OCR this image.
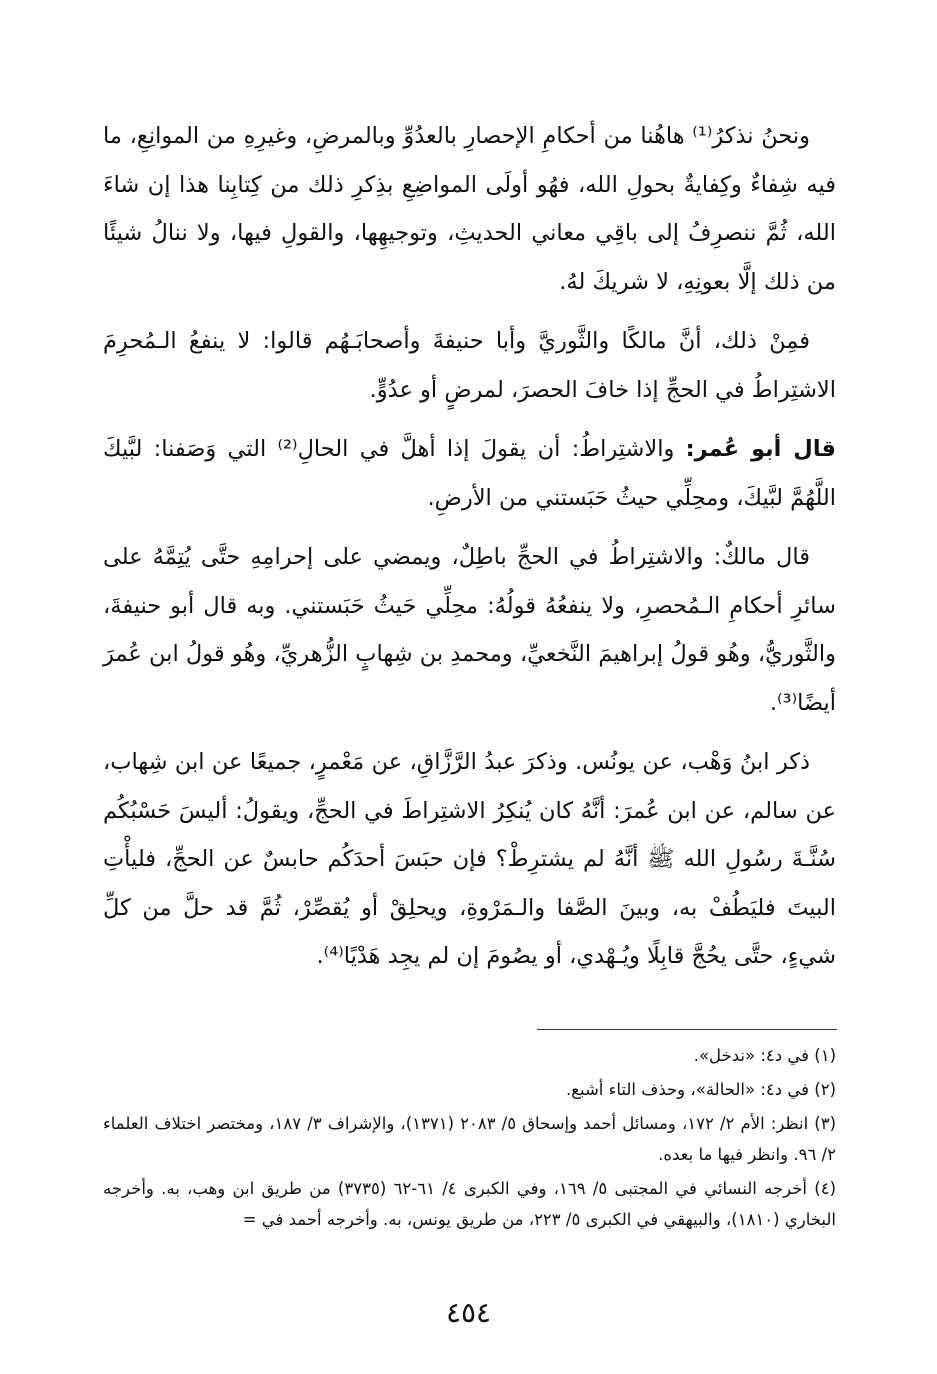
ونحنُ نذكرُ⁽¹⁾ هاهُنا من أحكامِ الإحصارِ بالعدُوِّ وبالمرضِ، وغيرِهِ من الموانِعِ، ما فيه شِفاءٌ وكِفايةٌ بحولِ الله، فهُو أولَى المواضِعِ بذِكرِ ذلك من كِتابِنا هذا إن شاءَ الله، ثُمَّ ننصرِفُ إلى باقِي معاني الحديثِ، وتوجيهِها، والقولِ فيها، ولا ننالُ شيئًا من ذلك إلَّا بعونِهِ، لا شريكَ لهُ.

فمِنْ ذلك، أنَّ مالكًا والثَّوريَّ وأبا حنيفةَ وأصحابَـهُم قالوا: لا ينفعُ الـمُحرِمَ الاشتِراطُ في الحجِّ إذا خافَ الحصرَ، لمرضٍ أو عدُوٍّ.

قال أبو عُمر: والاشتِراطُ: أن يقولَ إذا أهلَّ في الحالِ⁽²⁾ التي وَصَفنا: لبَّيكَ اللَّهُمَّ لبَّيكَ، ومحِلِّي حيثُ حَبَستني من الأرضِ.

قال مالكٌ: والاشتِراطُ في الحجِّ باطِلٌ، ويمضي على إحرامِهِ حتَّى يُتِمَّهُ على سائرِ أحكامِ الـمُحصرِ، ولا ينفعُهُ قولُهُ: محِلِّي حَيثُ حَبَستني. وبه قال أبو حنيفةَ، والثَّوريُّ، وهُو قولُ إبراهيمَ النَّخعيِّ، ومحمدِ بن شِهابٍ الزُّهريِّ، وهُو قولُ ابن عُمرَ أيضًا⁽³⁾.

ذكر ابنُ وَهْب، عن يونُس. وذكرَ عبدُ الرَّزَّاقِ، عن مَعْمرٍ، جميعًا عن ابن شِهاب، عن سالم، عن ابن عُمرَ: أنَّهُ كان يُنكِرُ الاشتِراطَ في الحجِّ، ويقولُ: أليسَ حَسْبُكُم سُنَّـةَ رسُولِ الله ﷺ أنَّهُ لم يشترِطْ؟ فإن حبَسَ أحدَكُم حابسٌ عن الحجِّ، فليأْتِ البيتَ فليَطُفْ به، وبينَ الصَّفا والـمَرْوةِ، ويحلِقْ أو يُقصِّرْ، ثُمَّ قد حلَّ من كلِّ شيءٍ، حتَّى يحُجَّ قابِلًا ويُـهْدي، أو يصُومَ إن لم يجِد هَدْيًا⁽⁴⁾.

(١) في د٤: «ندخل».
(٢) في د٤: «الحالة»، وحذف التاء أشبع.
(٣) انظر: الأم ٢/ ١٧٢، ومسائل أحمد وإسحاق ٥/ ٢٠٨٣ (١٣٧١)، والإشراف ٣/ ١٨٧، ومختصر اختلاف العلماء ٢/ ٩٦. وانظر فيها ما بعده.
(٤) أخرجه النسائي في المجتبى ٥/ ١٦٩، وفي الكبرى ٤/ ٦١-٦٢ (٣٧٣٥) من طريق ابن وهب، به. وأخرجه البخاري (١٨١٠)، والبيهقي في الكبرى ٥/ ٢٢٣، من طريق يونس، به. وأخرجه أحمد في =
٤٥٤
